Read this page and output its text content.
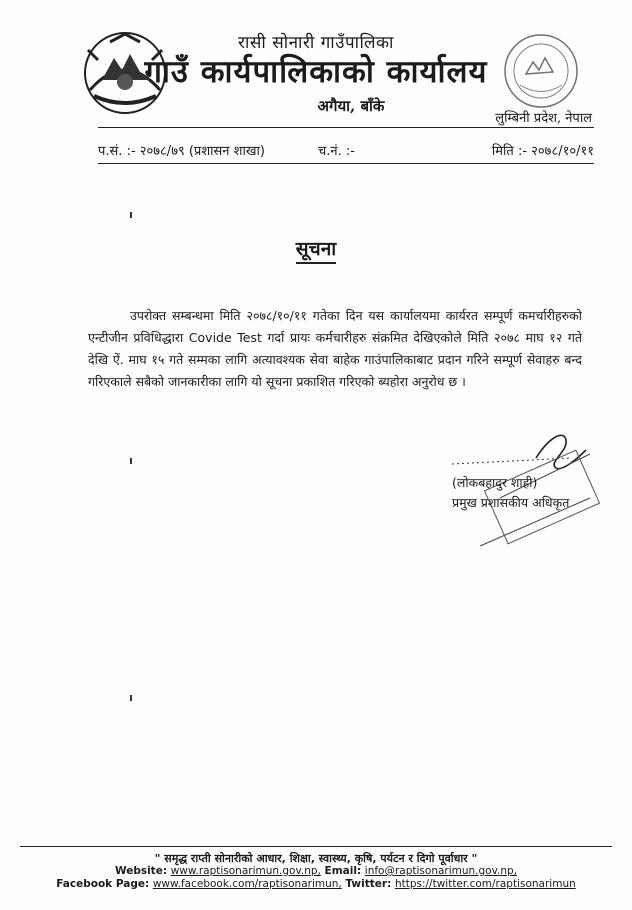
रासी सोनारी गाउँपालिका
गाउँ कार्यपालिकाको कार्यालय
अगैया, बाँके
लुम्बिनी प्रदेश, नेपाल
प.सं. :- २०७८/७९ (प्रशासन शाखा)	च.नं. :-	मिति :- २०७८/१०/११
सूचना

उपरोक्त सम्बन्धमा मिति २०७८/१०/११ गतेका दिन यस कार्यालयमा कार्यरत सम्पूर्ण कमर्चारीहरुको एन्टीजीन प्रविधिद्धारा Covide Test गर्दा प्रायः कर्मचारीहरु संक्रमित देखिएकोले मिति २०७८ माघ १२ गते देखि ऐं. माघ १५ गते सम्मका लागि अत्यावश्यक सेवा बाहेक गाउंपालिकाबाट प्रदान गरिने सम्पूर्ण सेवाहरु बन्द गरिएकाले सबैको जानकारीका लागि यो सूचना प्रकाशित गरिएको ब्यहोरा अनुरोध छ ।

(लोकबहादुर शाही)
प्रमुख प्रशासकीय अधिकृत
" समृद्ध राप्ती सोनारीको आधार, शिक्षा, स्वास्थ्य, कृषि, पर्यटन र दिगो पूर्वाधार "
Website: www.raptisonarimun.gov.np, Email: info@raptisonarimun.gov.np,
Facebook Page: www.facebook.com/raptisonarimun, Twitter: https://twitter.com/raptisonarimun
